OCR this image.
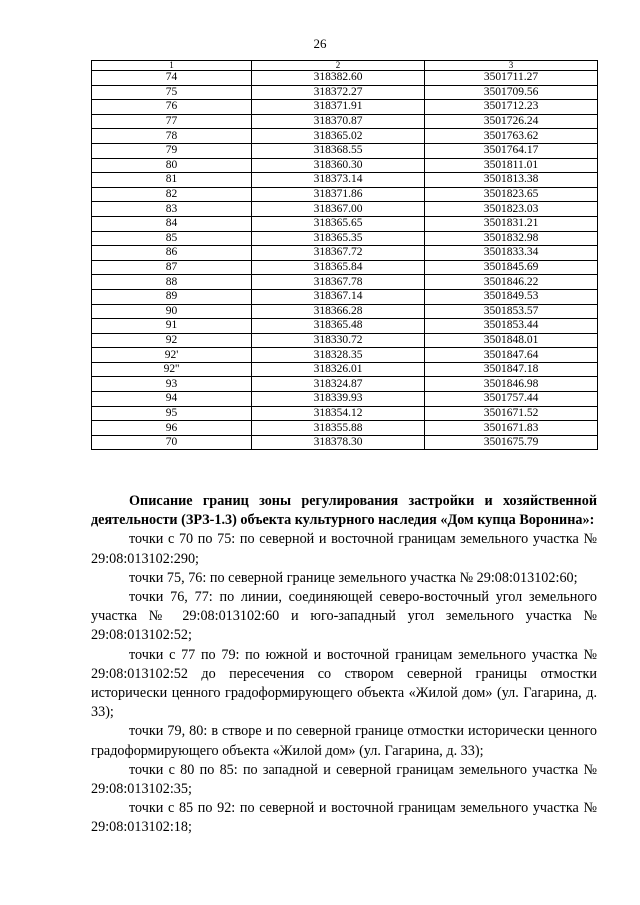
26
1	2	3
74	318382.60	3501711.27
75	318372.27	3501709.56
76	318371.91	3501712.23
77	318370.87	3501726.24
78	318365.02	3501763.62
79	318368.55	3501764.17
80	318360.30	3501811.01
81	318373.14	3501813.38
82	318371.86	3501823.65
83	318367.00	3501823.03
84	318365.65	3501831.21
85	318365.35	3501832.98
86	318367.72	3501833.34
87	318365.84	3501845.69
88	318367.78	3501846.22
89	318367.14	3501849.53
90	318366.28	3501853.57
91	318365.48	3501853.44
92	318330.72	3501848.01
92'	318328.35	3501847.64
92''	318326.01	3501847.18
93	318324.87	3501846.98
94	318339.93	3501757.44
95	318354.12	3501671.52
96	318355.88	3501671.83
70	318378.30	3501675.79

Описание границ зоны регулирования застройки и хозяйственной деятельности (ЗРЗ-1.3) объекта культурного наследия «Дом купца Воронина»:

точки с 70 по 75: по северной и восточной границам земельного участка № 29:08:013102:290;

точки 75, 76: по северной границе земельного участка № 29:08:013102:60;

точки 76, 77: по линии, соединяющей северо-восточный угол земельного участка № 29:08:013102:60 и юго-западный угол земельного участка № 29:08:013102:52;

точки с 77 по 79: по южной и восточной границам земельного участка № 29:08:013102:52 до пересечения со створом северной границы отмостки исторически ценного градоформирующего объекта «Жилой дом» (ул. Гагарина, д. 33);

точки 79, 80: в створе и по северной границе отмостки исторически ценного градоформирующего объекта «Жилой дом» (ул. Гагарина, д. 33);

точки с 80 по 85: по западной и северной границам земельного участка № 29:08:013102:35;

точки с 85 по 92: по северной и восточной границам земельного участка № 29:08:013102:18;
